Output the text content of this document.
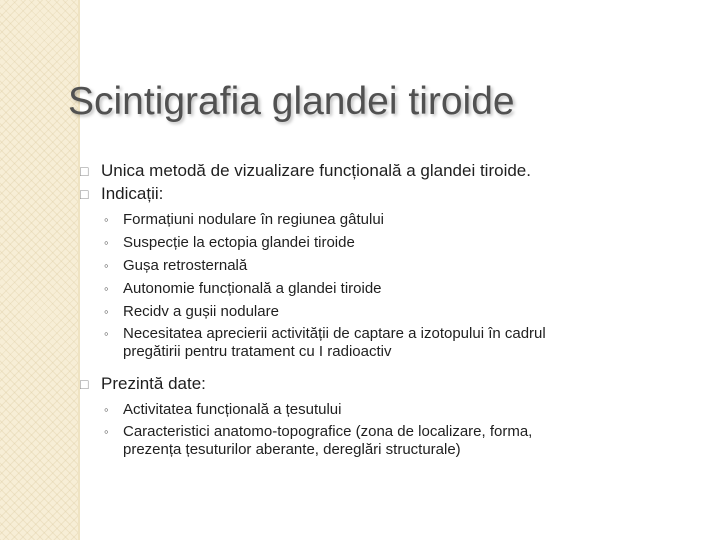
Scintigrafia glandei tiroide
□ Unica metodă de vizualizare funcțională a glandei tiroide.
□ Indicații:
◦ Formațiuni nodulare în regiunea gâtului
◦ Suspecție la ectopia glandei tiroide
◦ Gușa retrosternală
◦ Autonomie funcțională a glandei tiroide
◦ Recidv a gușii nodulare
◦ Necesitatea aprecierii activității de captare a izotopului în cadrul
pregătirii pentru tratament cu I radioactiv
□ Prezintă date:
◦ Activitatea funcțională a țesutului
◦ Caracteristici anatomo-topografice (zona de localizare, forma,
prezența țesuturilor aberante, dereglări structurale)
